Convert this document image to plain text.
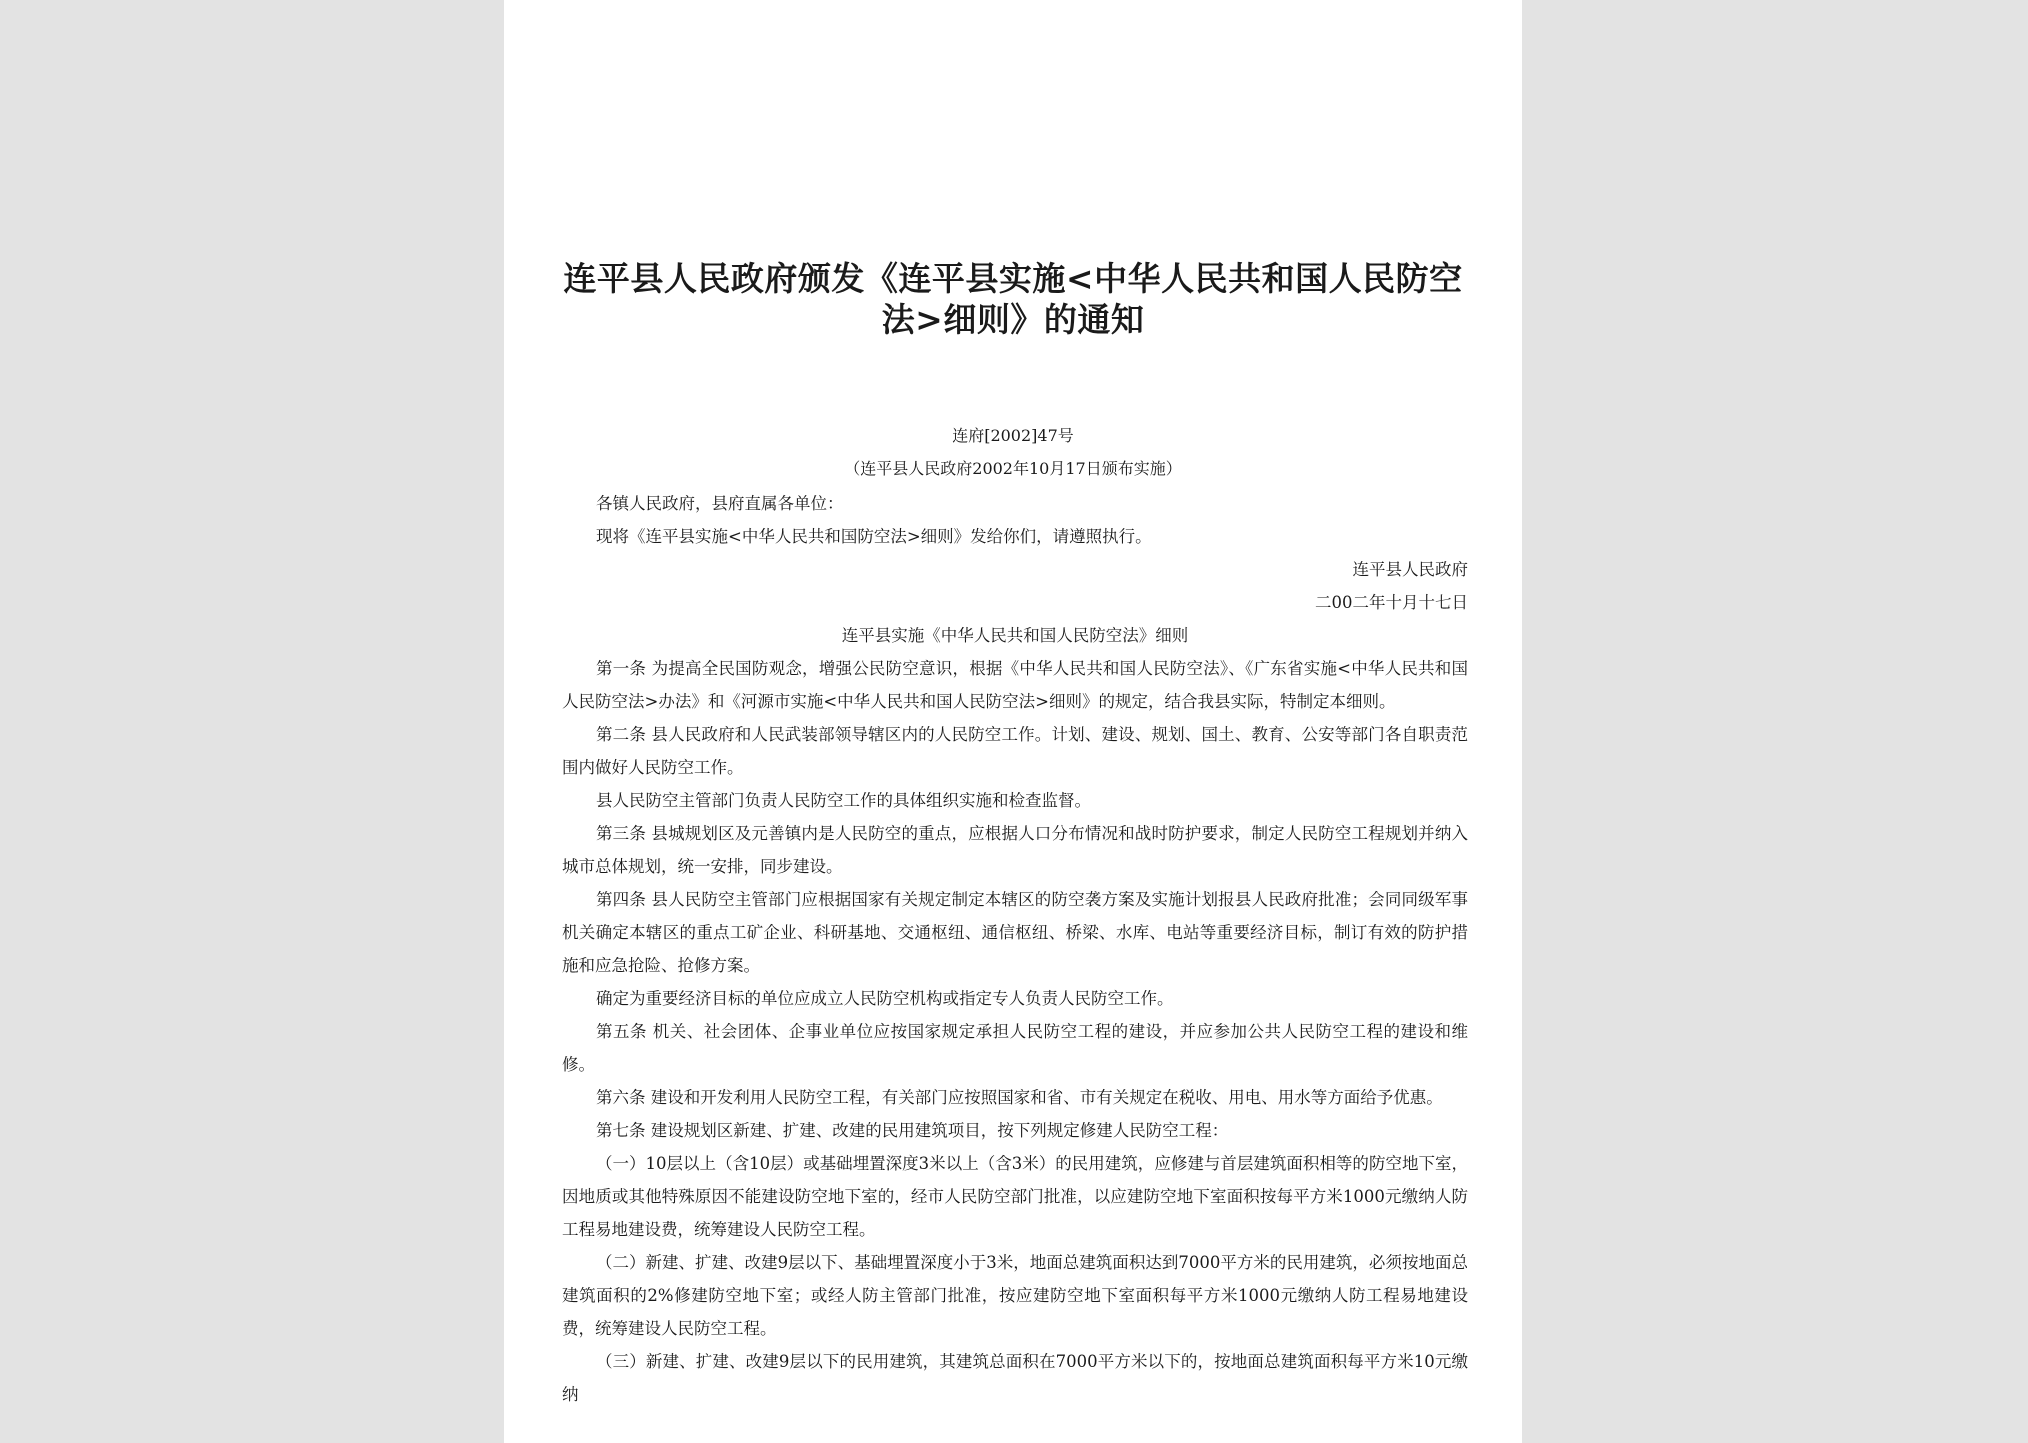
连平县人民政府颁发《连平县实施<中华人民共和国人民防空法>细则》的通知
连府[2002]47号
（连平县人民政府2002年10月17日颁布实施）

各镇人民政府，县府直属各单位：

现将《连平县实施<中华人民共和国防空法>细则》发给你们，请遵照执行。

连平县人民政府

二00二年十月十七日

连平县实施《中华人民共和国人民防空法》细则

第一条 为提高全民国防观念，增强公民防空意识，根据《中华人民共和国人民防空法》、《广东省实施<中华人民共和国人民防空法>办法》和《河源市实施<中华人民共和国人民防空法>细则》的规定，结合我县实际，特制定本细则。

第二条 县人民政府和人民武装部领导辖区内的人民防空工作。计划、建设、规划、国土、教育、公安等部门各自职责范围内做好人民防空工作。

县人民防空主管部门负责人民防空工作的具体组织实施和检查监督。

第三条 县城规划区及元善镇内是人民防空的重点，应根据人口分布情况和战时防护要求，制定人民防空工程规划并纳入城市总体规划，统一安排，同步建设。

第四条 县人民防空主管部门应根据国家有关规定制定本辖区的防空袭方案及实施计划报县人民政府批准；会同同级军事机关确定本辖区的重点工矿企业、科研基地、交通枢纽、通信枢纽、桥梁、水库、电站等重要经济目标，制订有效的防护措施和应急抢险、抢修方案。

确定为重要经济目标的单位应成立人民防空机构或指定专人负责人民防空工作。

第五条 机关、社会团体、企事业单位应按国家规定承担人民防空工程的建设，并应参加公共人民防空工程的建设和维修。

第六条 建设和开发利用人民防空工程，有关部门应按照国家和省、市有关规定在税收、用电、用水等方面给予优惠。

第七条 建设规划区新建、扩建、改建的民用建筑项目，按下列规定修建人民防空工程：

（一）10层以上（含10层）或基础埋置深度3米以上（含3米）的民用建筑，应修建与首层建筑面积相等的防空地下室，因地质或其他特殊原因不能建设防空地下室的，经市人民防空部门批准，以应建防空地下室面积按每平方米1000元缴纳人防工程易地建设费，统筹建设人民防空工程。

（二）新建、扩建、改建9层以下、基础埋置深度小于3米，地面总建筑面积达到7000平方米的民用建筑，必须按地面总建筑面积的2%修建防空地下室；或经人防主管部门批准，按应建防空地下室面积每平方米1000元缴纳人防工程易地建设费，统筹建设人民防空工程。

（三）新建、扩建、改建9层以下的民用建筑，其建筑总面积在7000平方米以下的，按地面总建筑面积每平方米10元缴纳
